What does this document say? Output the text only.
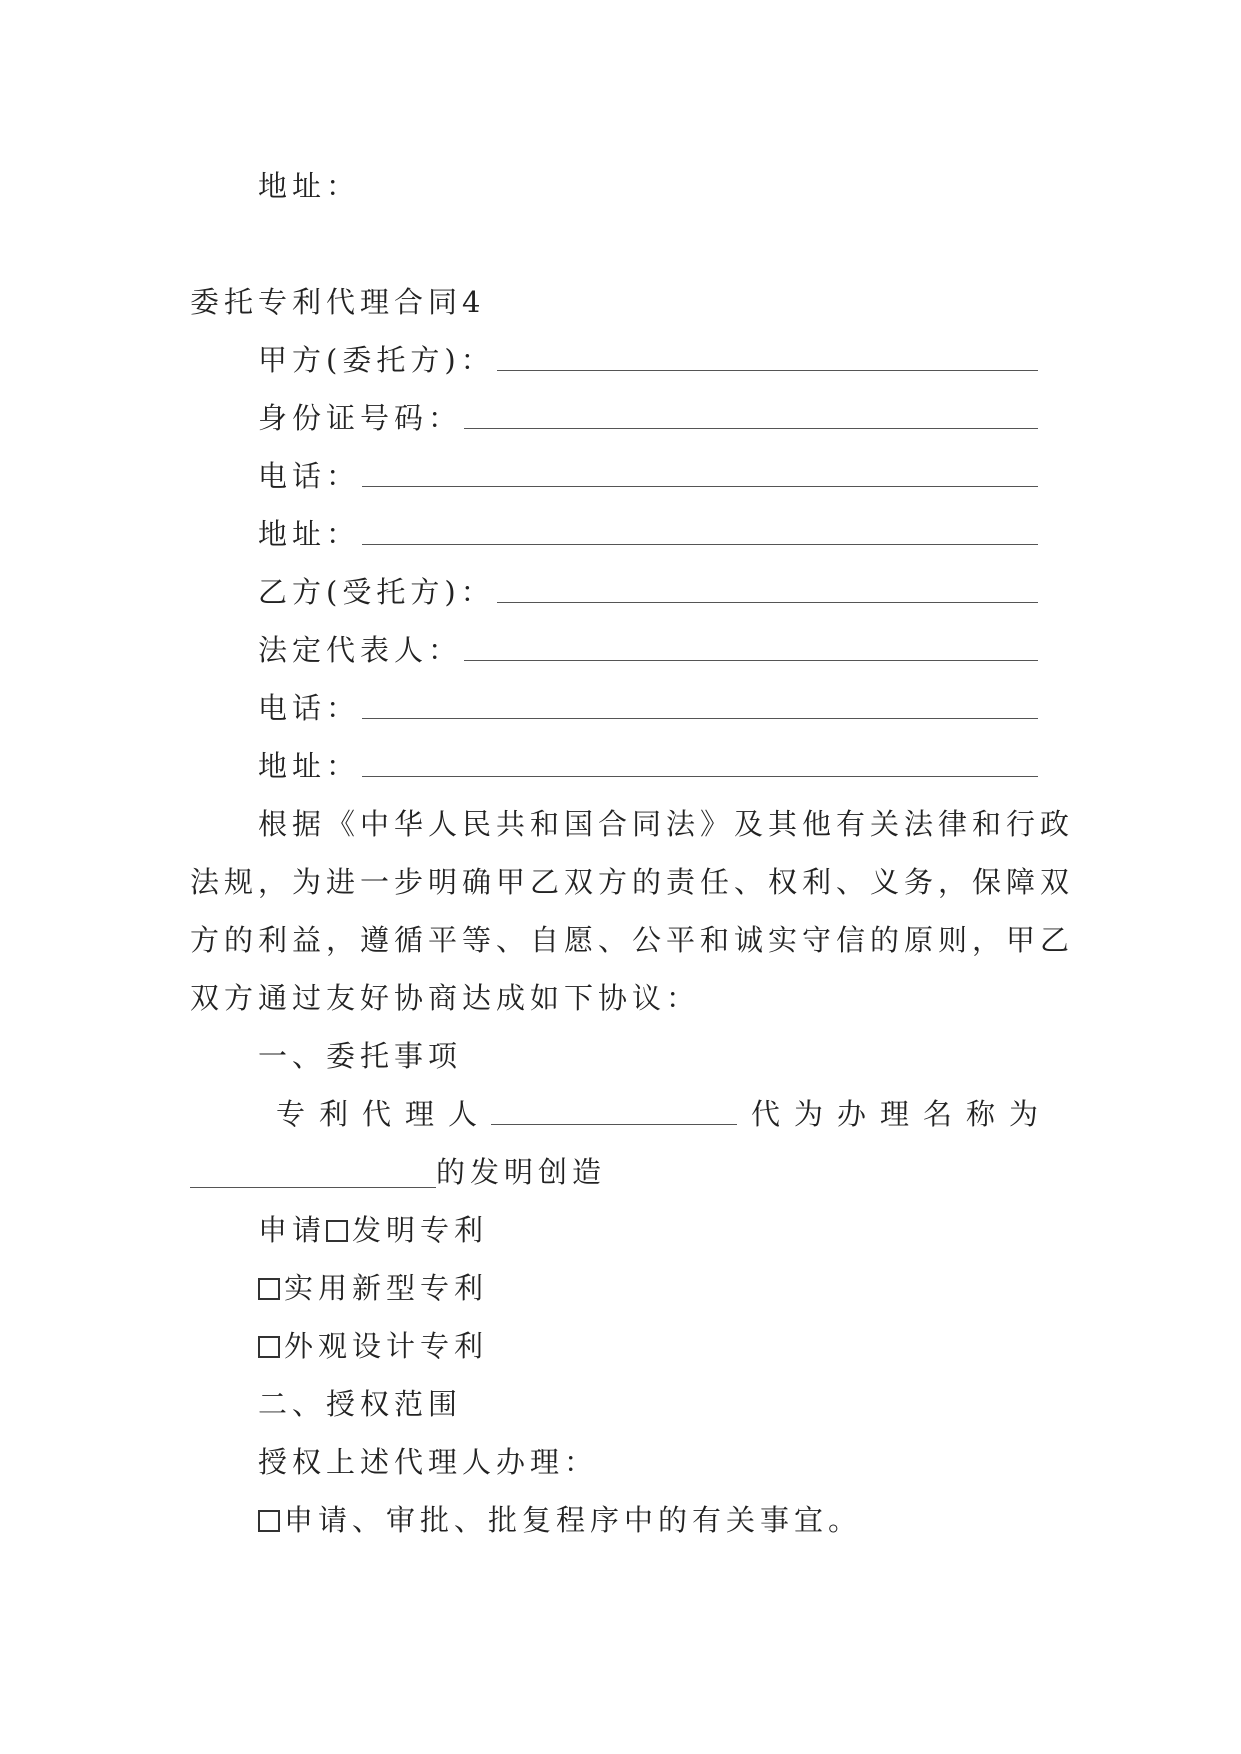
地址：
委托专利代理合同4
甲方(委托方)：
身份证号码：
电话：
地址：
乙方(受托方)：
法定代表人：
电话：
地址：
根据《中华人民共和国合同法》及其他有关法律和行政
法规，为进一步明确甲乙双方的责任、权利、义务，保障双
方的利益，遵循平等、自愿、公平和诚实守信的原则，甲乙
双方通过友好协商达成如下协议：
一、委托事项
专 利 代 理 人	代 为 办 理 名 称 为
的发明创造
申请 发明专利
实用新型专利
外观设计专利
二、授权范围
授权上述代理人办理：
申请、审批、批复程序中的有关事宜。
